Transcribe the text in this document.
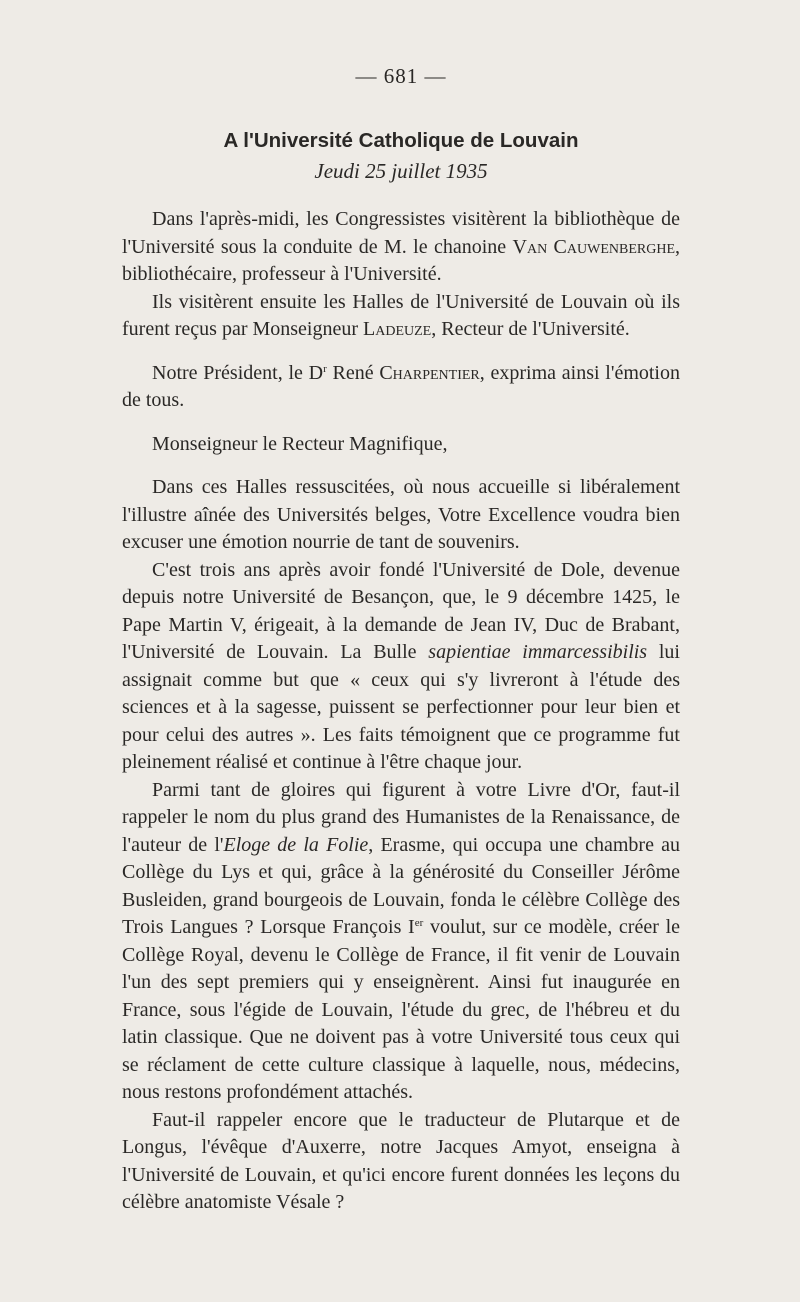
— 681 —
A l'Université Catholique de Louvain
Jeudi 25 juillet 1935

Dans l'après-midi, les Congressistes visitèrent la bibliothèque de l'Université sous la conduite de M. le chanoine Van Cauwenberghe, bibliothécaire, professeur à l'Université.

Ils visitèrent ensuite les Halles de l'Université de Louvain où ils furent reçus par Monseigneur Ladeuze, Recteur de l'Université.

Notre Président, le $D^r$ René Charpentier, exprima ainsi l'émotion de tous.

Monseigneur le Recteur Magnifique,

Dans ces Halles ressuscitées, où nous accueille si libéralement l'illustre aînée des Universités belges, Votre Excellence voudra bien excuser une émotion nourrie de tant de souvenirs.

C'est trois ans après avoir fondé l'Université de Dole, devenue depuis notre Université de Besançon, que, le 9 décembre 1425, le Pape Martin V, érigeait, à la demande de Jean IV, Duc de Brabant, l'Université de Louvain. La Bulle sapientiae immarcessibilis lui assignait comme but que « ceux qui s'y livreront à l'étude des sciences et à la sagesse, puissent se perfectionner pour leur bien et pour celui des autres ». Les faits témoignent que ce programme fut pleinement réalisé et continue à l'être chaque jour.

Parmi tant de gloires qui figurent à votre Livre d'Or, faut-il rappeler le nom du plus grand des Humanistes de la Renaissance, de l'auteur de l'Eloge de la Folie, Erasme, qui occupa une chambre au Collège du Lys et qui, grâce à la générosité du Conseiller Jérôme Busleiden, grand bourgeois de Louvain, fonda le célèbre Collège des Trois Langues ? Lorsque François Ier voulut, sur ce modèle, créer le Collège Royal, devenu le Collège de France, il fit venir de Louvain l'un des sept premiers qui y enseignèrent. Ainsi fut inaugurée en France, sous l'égide de Louvain, l'étude du grec, de l'hébreu et du latin classique. Que ne doivent pas à votre Université tous ceux qui se réclament de cette culture classique à laquelle, nous, médecins, nous restons profondément attachés.

Faut-il rappeler encore que le traducteur de Plutarque et de Longus, l'évêque d'Auxerre, notre Jacques Amyot, enseigna à l'Université de Louvain, et qu'ici encore furent données les leçons du célèbre anatomiste Vésale ?
